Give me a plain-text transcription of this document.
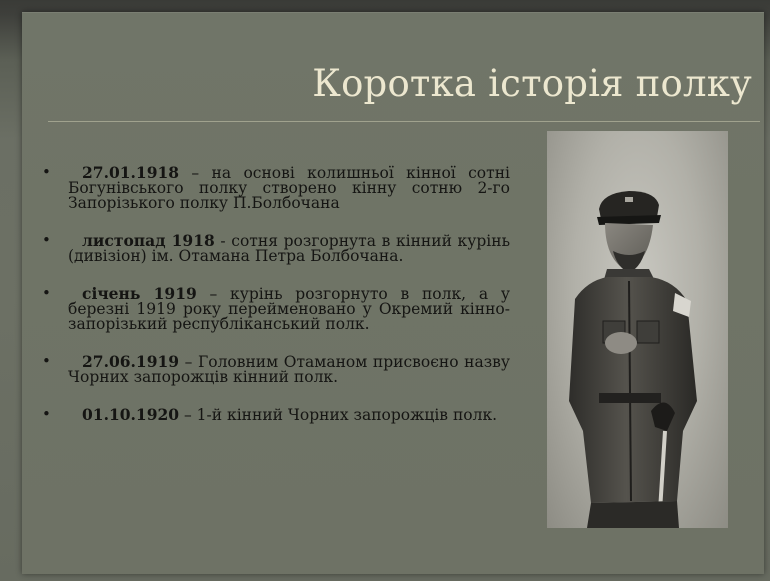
Коротка історія полку
•	27.01.1918 – на основі колишньої кінної сотні Богунівського полку створено кінну сотню 2-го Запорізького полку П.Болбочана
•	листопад 1918 - сотня розгорнута в кінний курінь (дивізіон) ім. Отамана Петра Болбочана.
•	січень 1919 – курінь розгорнуто в полк, а у березні 1919 року перейменовано у Окремий кінно-запорізький республіканський полк.
•	27.06.1919 – Головним Отаманом присвоєно назву Чорних запорожців кінний полк.
•	01.10.1920 – 1-й кінний Чорних запорожців полк.
